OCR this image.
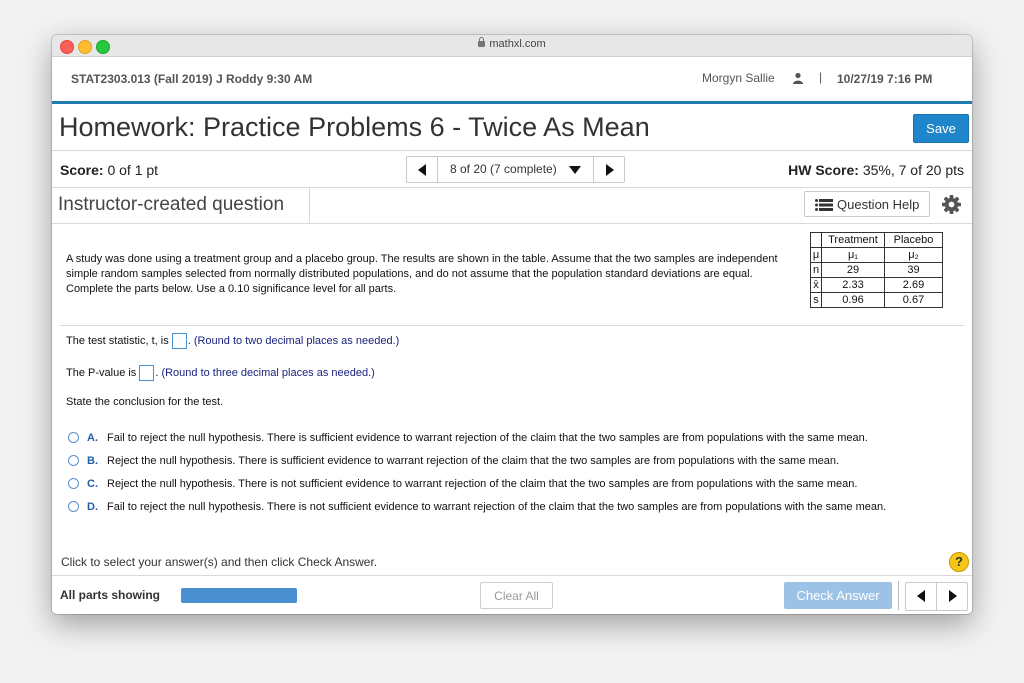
mathxl.com
STAT2303.013 (Fall 2019) J Roddy 9:30 AM	Morgyn Sallie	| 10/27/19 7:16 PM
Homework: Practice Problems 6 - Twice As Mean	Save
Score: 0 of 1 pt	8 of 20 (7 complete)	HW Score: 35%, 7 of 20 pts
Instructor-created question	Question Help
A study was done using a treatment group and a placebo group. The results are shown in the table. Assume that the two samples are independent simple random samples selected from normally distributed populations, and do not assume that the population standard deviations are equal. Complete the parts below. Use a 0.10 significance level for all parts.
	Treatment	Placebo
μ	μ₁	μ₂
n	29	39
x̄	2.33	2.69
s	0.96	0.67
The test statistic, t, is . (Round to two decimal places as needed.)
The P-value is . (Round to three decimal places as needed.)
State the conclusion for the test.
A. Fail to reject the null hypothesis. There is sufficient evidence to warrant rejection of the claim that the two samples are from populations with the same mean.
B. Reject the null hypothesis. There is sufficient evidence to warrant rejection of the claim that the two samples are from populations with the same mean.
C. Reject the null hypothesis. There is not sufficient evidence to warrant rejection of the claim that the two samples are from populations with the same mean.
D. Fail to reject the null hypothesis. There is not sufficient evidence to warrant rejection of the claim that the two samples are from populations with the same mean.
Click to select your answer(s) and then click Check Answer.	?
All parts showing	Clear All	Check Answer
